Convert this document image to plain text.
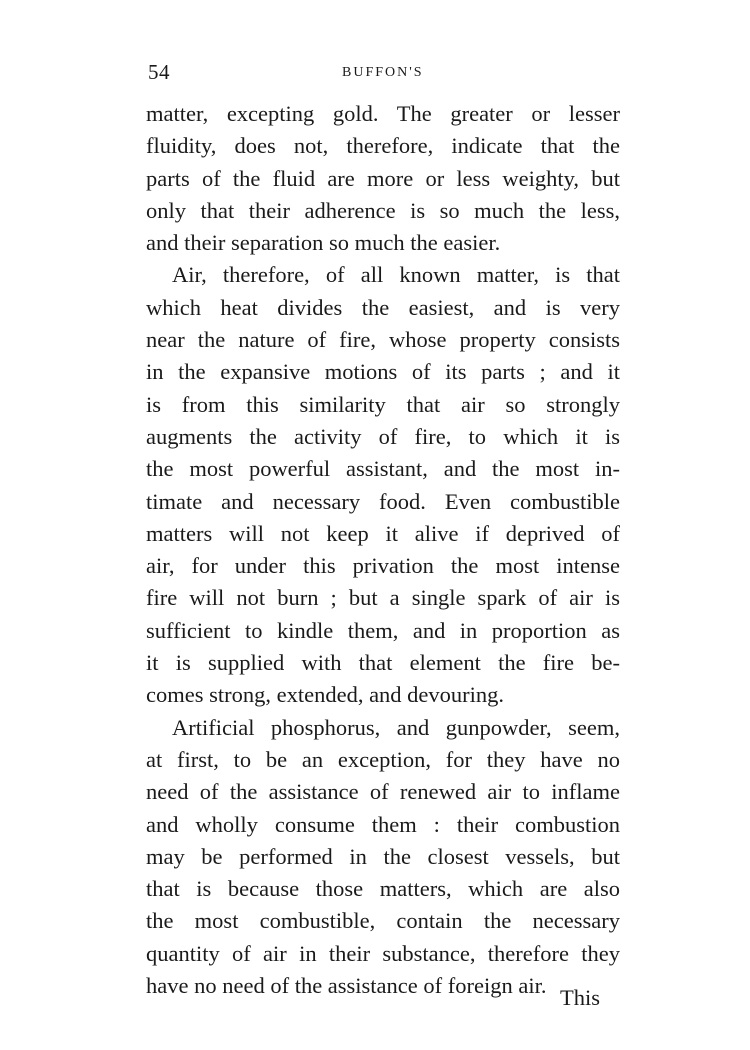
54	BUFFON'S
matter, excepting gold. The greater or lesser
fluidity, does not, therefore, indicate that the
parts of the fluid are more or less weighty, but
only that their adherence is so much the less,
and their separation so much the easier.
Air, therefore, of all known matter, is that
which heat divides the easiest, and is very
near the nature of fire, whose property consists
in the expansive motions of its parts ; and it
is from this similarity that air so strongly
augments the activity of fire, to which it is
the most powerful assistant, and the most in-
timate and necessary food. Even combustible
matters will not keep it alive if deprived of
air, for under this privation the most intense
fire will not burn ; but a single spark of air is
sufficient to kindle them, and in proportion as
it is supplied with that element the fire be-
comes strong, extended, and devouring.
Artificial phosphorus, and gunpowder, seem,
at first, to be an exception, for they have no
need of the assistance of renewed air to inflame
and wholly consume them : their combustion
may be performed in the closest vessels, but
that is because those matters, which are also
the most combustible, contain the necessary
quantity of air in their substance, therefore they
have no need of the assistance of foreign air. This
